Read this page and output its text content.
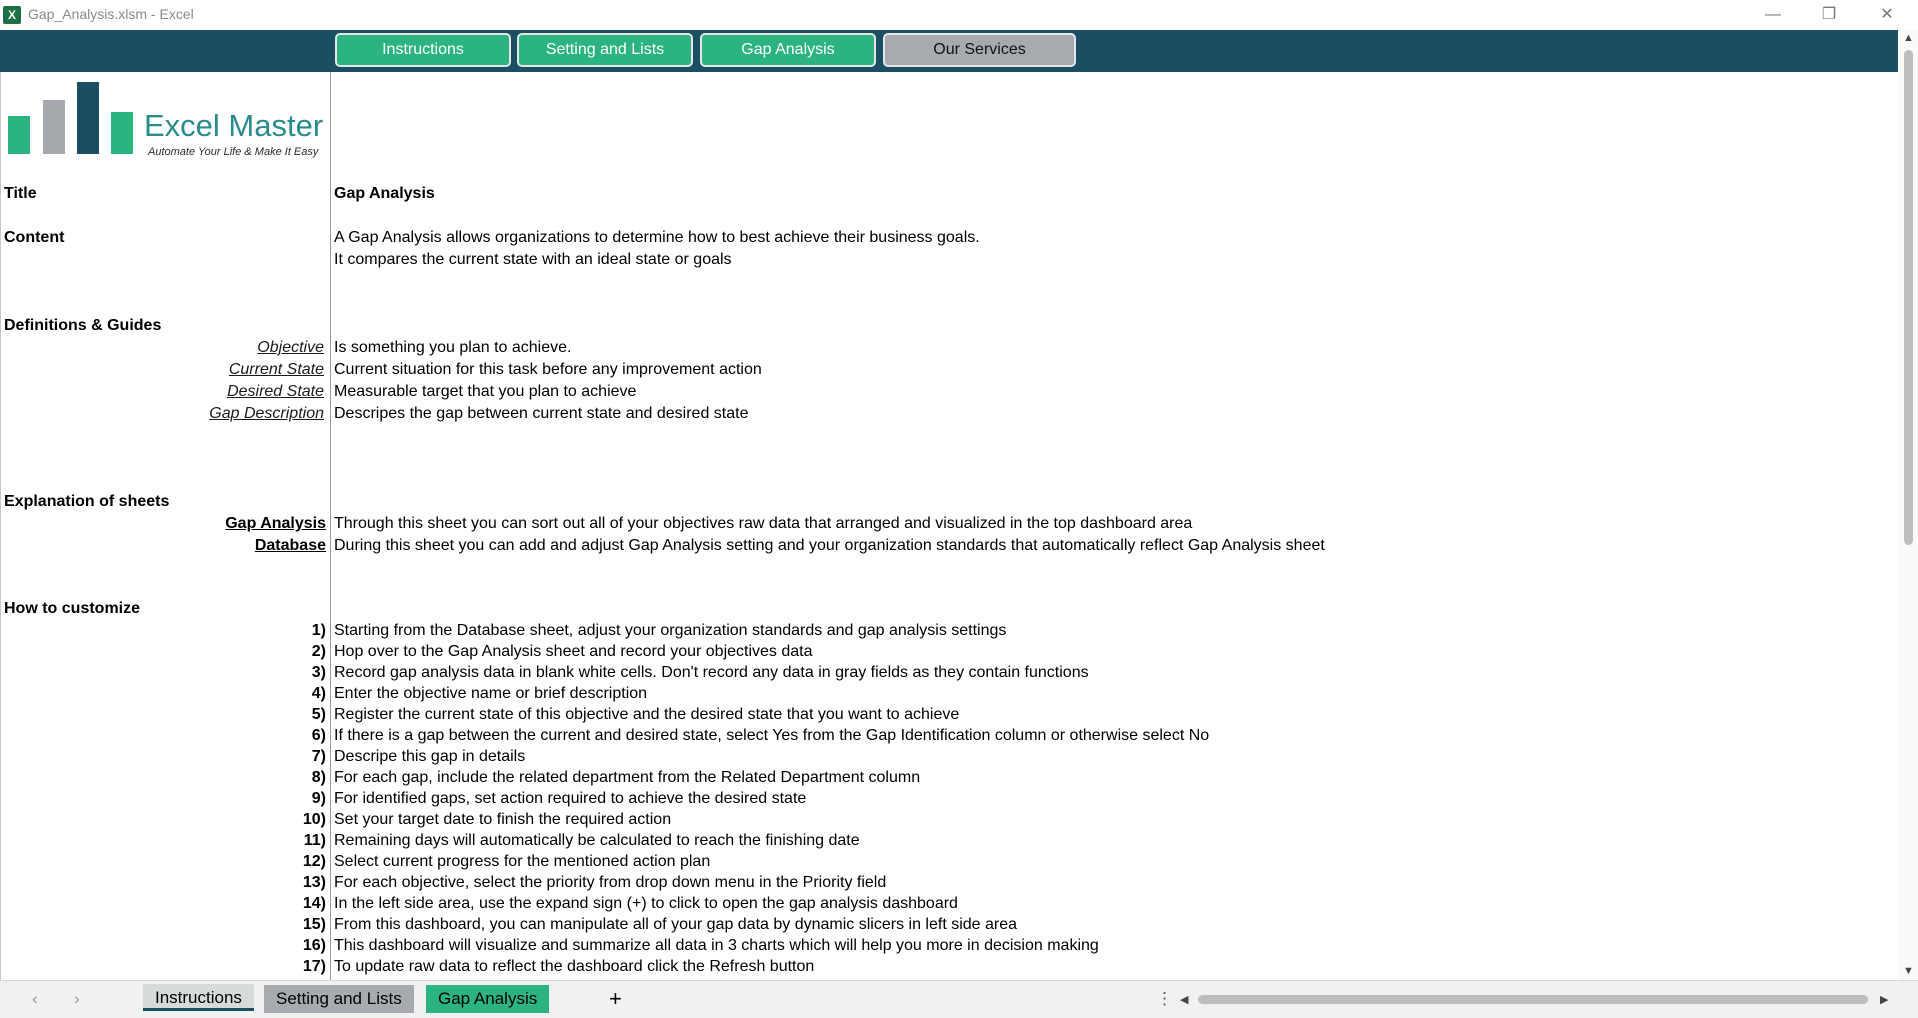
X Gap_Analysis.xlsm - Excel	—	❐	✕
Instructions	Setting and Lists	Gap Analysis	Our Services
Excel Master
Automate Your Life & Make It Easy
Title	Gap Analysis
Content	A Gap Analysis allows organizations to determine how to best achieve their business goals.
It compares the current state with an ideal state or goals
Definitions & Guides
Objective Is something you plan to achieve.
Current State Current situation for this task before any improvement action
Desired State Measurable target that you plan to achieve
Gap Description Descripes the gap between current state and desired state
Explanation of sheets
Gap Analysis Through this sheet you can sort out all of your objectives raw data that arranged and visualized in the top dashboard area
Database During this sheet you can add and adjust Gap Analysis setting and your organization standards that automatically reflect Gap Analysis sheet
How to customize
1) Starting from the Database sheet, adjust your organization standards and gap analysis settings
2) Hop over to the Gap Analysis sheet and record your objectives data
3) Record gap analysis data in blank white cells. Don't record any data in gray fields as they contain functions
4) Enter the objective name or brief description
5) Register the current state of this objective and the desired state that you want to achieve
6) If there is a gap between the current and desired state, select Yes from the Gap Identification column or otherwise select No
7) Descripe this gap in details
8) For each gap, include the related department from the Related Department column
9) For identified gaps, set action required to achieve the desired state
10) Set your target date to finish the required action
11) Remaining days will automatically be calculated to reach the finishing date
12) Select current progress for the mentioned action plan
13) For each objective, select the priority from drop down menu in the Priority field
14) In the left side area, use the expand sign (+) to click to open the gap analysis dashboard
15) From this dashboard, you can manipulate all of your gap data by dynamic slicers in left side area
16) This dashboard will visualize and summarize all data in 3 charts which will help you more in decision making
17) To update raw data to reflect the dashboard click the Refresh button
▲
▼
‹	›	Instructions	Setting and Lists	Gap Analysis	+	⋮ ◀	▶
